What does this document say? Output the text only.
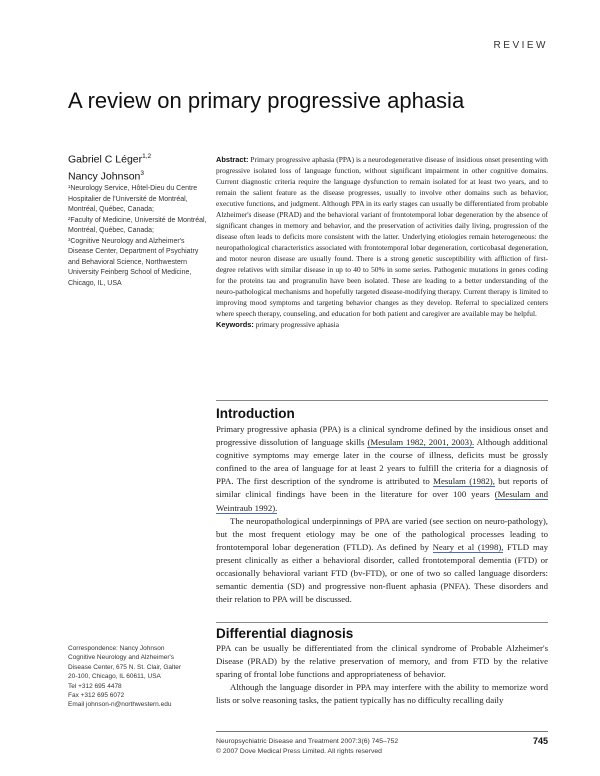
REVIEW
A review on primary progressive aphasia
Gabriel C Léger$^{1,2}$
Nancy Johnson$^3$

¹Neurology Service, Hôtel-Dieu du Centre Hospitalier de l'Université de Montréal, Montréal, Québec, Canada;

²Faculty of Medicine, Université de Montréal, Montréal, Québec, Canada;

³Cognitive Neurology and Alzheimer's Disease Center, Department of Psychiatry and Behavioral Science, Northwestern University Feinberg School of Medicine, Chicago, IL, USA

Abstract: Primary progressive aphasia (PPA) is a neurodegenerative disease of insidious onset presenting with progressive isolated loss of language function, without significant impairment in other cognitive domains. Current diagnostic criteria require the language dysfunction to remain isolated for at least two years, and to remain the salient feature as the disease progresses, usually to involve other domains such as behavior, executive functions, and judgment. Although PPA in its early stages can usually be differentiated from probable Alzheimer's disease (PRAD) and the behavioral variant of frontotemporal lobar degeneration by the absence of significant changes in memory and behavior, and the preservation of activities daily living, progression of the disease often leads to deficits more consistent with the latter. Underlying etiologies remain heterogeneous: the neuropathological characteristics associated with frontotemporal lobar degeneration, corticobasal degeneration, and motor neuron disease are usually found. There is a strong genetic susceptibility with affliction of first-degree relatives with similar disease in up to 40 to 50% in some series. Pathogenic mutations in genes coding for the proteins tau and progranulin have been isolated. These are leading to a better understanding of the neuro-pathological mechanisms and hopefully targeted disease-modifying therapy. Current therapy is limited to improving mood symptoms and targeting behavior changes as they develop. Referral to specialized centers where speech therapy, counseling, and education for both patient and caregiver are available may be helpful.

Keywords: primary progressive aphasia

Introduction

Primary progressive aphasia (PPA) is a clinical syndrome defined by the insidious onset and progressive dissolution of language skills (Mesulam 1982, 2001, 2003). Although additional cognitive symptoms may emerge later in the course of illness, deficits must be grossly confined to the area of language for at least 2 years to fulfill the criteria for a diagnosis of PPA. The first description of the syndrome is attributed to Mesulam (1982), but reports of similar clinical findings have been in the literature for over 100 years (Mesulam and Weintraub 1992).

The neuropathological underpinnings of PPA are varied (see section on neuro-pathology), but the most frequent etiology may be one of the pathological processes leading to frontotemporal lobar degeneration (FTLD). As defined by Neary et al (1998), FTLD may present clinically as either a behavioral disorder, called frontotemporal dementia (FTD) or occasionally behavioral variant FTD (bv-FTD), or one of two so called language disorders: semantic dementia (SD) and progressive non-fluent aphasia (PNFA). These disorders and their relation to PPA will be discussed.

Differential diagnosis

PPA can be usually be differentiated from the clinical syndrome of Probable Alzheimer's Disease (PRAD) by the relative preservation of memory, and from FTD by the relative sparing of frontal lobe functions and appropriateness of behavior.

Although the language disorder in PPA may interfere with the ability to memorize word lists or solve reasoning tasks, the patient typically has no difficulty recalling daily

Correspondence: Nancy Johnson

Cognitive Neurology and Alzheimer's

Disease Center, 675 N. St. Clair, Galter

20-100, Chicago, IL 60611, USA

Tel +312 695 4478

Fax +312 695 6072

Email johnson-n@northwestern.edu

Neuropsychiatric Disease and Treatment 2007:3(6) 745–752
© 2007 Dove Medical Press Limited. All rights reserved
745
